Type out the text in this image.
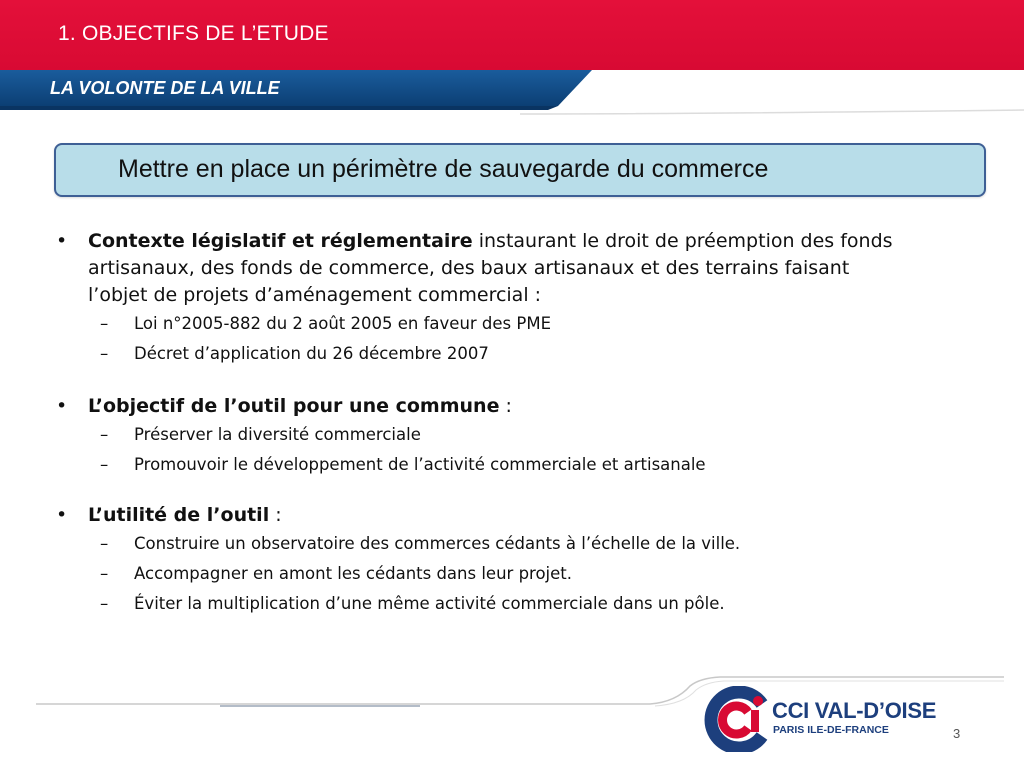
1. OBJECTIFS DE L’ETUDE
LA VOLONTE DE LA VILLE
Mettre en place un périmètre de sauvegarde du commerce
• Contexte législatif et réglementaire instaurant le droit de préemption des fonds
artisanaux, des fonds de commerce, des baux artisanaux et des terrains faisant
l’objet de projets d’aménagement commercial :
– Loi n°2005-882 du 2 août 2005 en faveur des PME
– Décret d’application du 26 décembre 2007
• L’objectif de l’outil pour une commune :
– Préserver la diversité commerciale
– Promouvoir le développement de l’activité commerciale et artisanale
• L’utilité de l’outil :
– Construire un observatoire des commerces cédants à l’échelle de la ville.
– Accompagner en amont les cédants dans leur projet.
– Éviter la multiplication d’une même activité commerciale dans un pôle.
CCI VAL-D’OISE
PARIS ILE-DE-FRANCE	3
